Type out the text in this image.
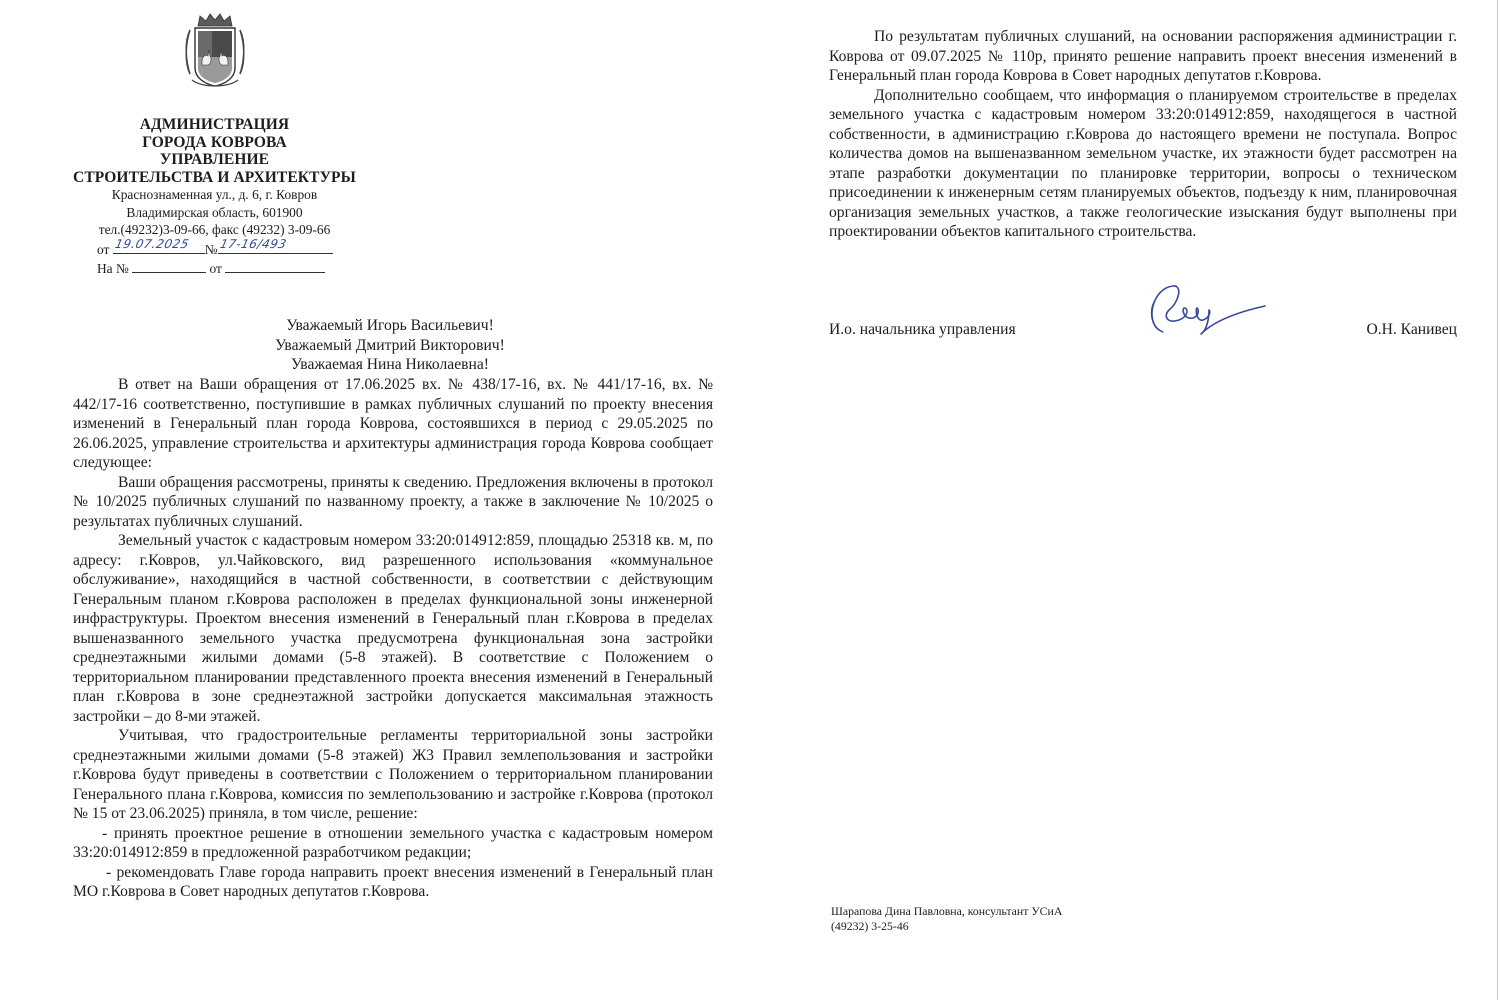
АДМИНИСТРАЦИЯ
ГОРОДА КОВРОВА
УПРАВЛЕНИЕ
СТРОИТЕЛЬСТВА И АРХИТЕКТУРЫ
Краснознаменная ул., д. 6, г. Ковров
Владимирская область, 601900
тел.(49232)3-09-66, факс (49232) 3-09-66
от 19.07.2025 № 17-16/493
На №	от
Уважаемый Игорь Васильевич!
Уважаемый Дмитрий Викторович!
Уважаемая Нина Николаевна!

В ответ на Ваши обращения от 17.06.2025 вх. № 438/17-16, вх. № 441/17-16, вх. № 442/17-16 соответственно, поступившие в рамках публичных слушаний по проекту внесения изменений в Генеральный план города Коврова, состоявшихся в период с 29.05.2025 по 26.06.2025, управление строительства и архитектуры администрация города Коврова сообщает следующее:

Ваши обращения рассмотрены, приняты к сведению. Предложения включены в протокол № 10/2025 публичных слушаний по названному проекту, а также в заключение № 10/2025 о результатах публичных слушаний.

Земельный участок с кадастровым номером 33:20:014912:859, площадью 25318 кв. м, по адресу: г.Ковров, ул.Чайковского, вид разрешенного использования «коммунальное обслуживание», находящийся в частной собственности, в соответствии с действующим Генеральным планом г.Коврова расположен в пределах функциональной зоны инженерной инфраструктуры. Проектом внесения изменений в Генеральный план г.Коврова в пределах вышеназванного земельного участка предусмотрена функциональная зона застройки среднеэтажными жилыми домами (5-8 этажей). В соответствие с Положением о территориальном планировании представленного проекта внесения изменений в Генеральный план г.Коврова в зоне среднеэтажной застройки допускается максимальная этажность застройки – до 8-ми этажей.

Учитывая, что градостроительные регламенты территориальной зоны застройки среднеэтажными жилыми домами (5-8 этажей) Ж3 Правил землепользования и застройки г.Коврова будут приведены в соответствии с Положением о территориальном планировании Генерального плана г.Коврова, комиссия по землепользованию и застройке г.Коврова (протокол № 15 от 23.06.2025) приняла, в том числе, решение:

- принять проектное решение в отношении земельного участка с кадастровым номером 33:20:014912:859 в предложенной разработчиком редакции;

- рекомендовать Главе города направить проект внесения изменений в Генеральный план МО г.Коврова в Совет народных депутатов г.Коврова.

По результатам публичных слушаний, на основании распоряжения администрации г. Коврова от 09.07.2025 № 110р, принято решение направить проект внесения изменений в Генеральный план города Коврова в Совет народных депутатов г.Коврова.

Дополнительно сообщаем, что информация о планируемом строительстве в пределах земельного участка с кадастровым номером 33:20:014912:859, находящегося в частной собственности, в администрацию г.Коврова до настоящего времени не поступала. Вопрос количества домов на вышеназванном земельном участке, их этажности будет рассмотрен на этапе разработки документации по планировке территории, вопросы о техническом присоединении к инженерным сетям планируемых объектов, подъезду к ним, планировочная организация земельных участков, а также геологические изыскания будут выполнены при проектировании объектов капитального строительства.

И.о. начальника управления	О.Н. Канивец
Шарапова Дина Павловна, консультант УСиА
(49232) 3-25-46
